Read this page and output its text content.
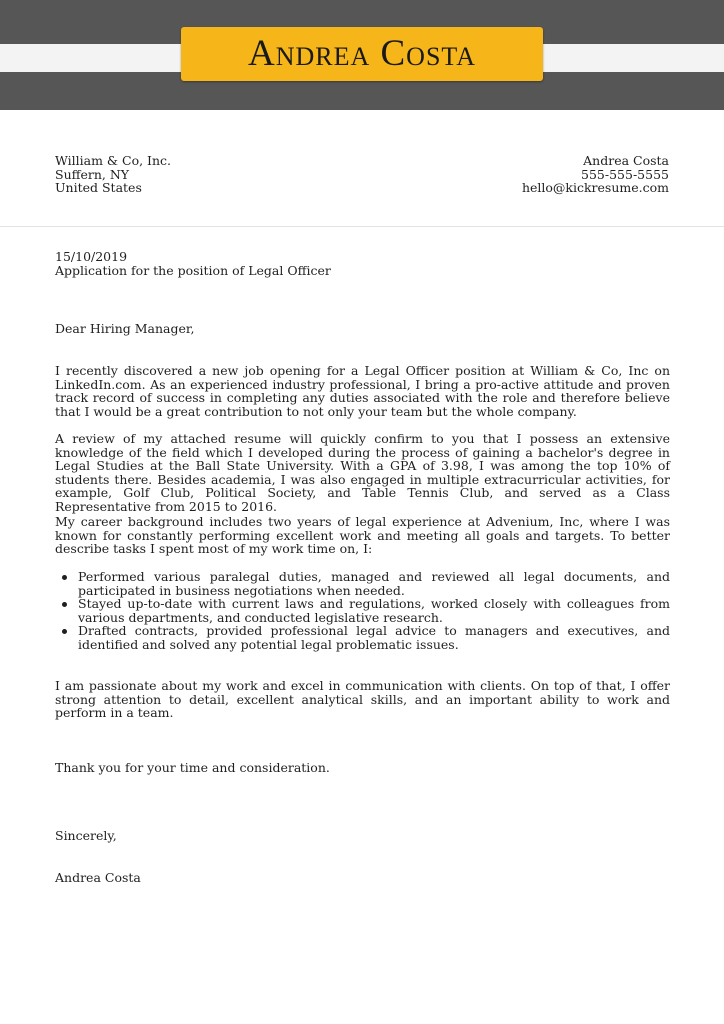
Andrea Costa
William & Co, Inc.
Suffern, NY
United States
Andrea Costa
555-555-5555
hello@kickresume.com
15/10/2019
Application for the position of Legal Officer
Dear Hiring Manager,
I recently discovered a new job opening for a Legal Officer position at William & Co, Inc on LinkedIn.com. As an experienced industry professional, I bring a pro-active attitude and proven track record of success in completing any duties associated with the role and therefore believe that I would be a great contribution to not only your team but the whole company.
A review of my attached resume will quickly confirm to you that I possess an extensive knowledge of the field which I developed during the process of gaining a bachelor's degree in Legal Studies at the Ball State University. With a GPA of 3.98, I was among the top 10% of students there. Besides academia, I was also engaged in multiple extracurricular activities, for example, Golf Club, Political Society, and Table Tennis Club, and served as a Class Representative from 2015 to 2016.
My career background includes two years of legal experience at Advenium, Inc, where I was known for constantly performing excellent work and meeting all goals and targets. To better describe tasks I spent most of my work time on, I:
Performed various paralegal duties, managed and reviewed all legal documents, and participated in business negotiations when needed.
Stayed up-to-date with current laws and regulations, worked closely with colleagues from various departments, and conducted legislative research.
Drafted contracts, provided professional legal advice to managers and executives, and identified and solved any potential legal problematic issues.
I am passionate about my work and excel in communication with clients. On top of that, I offer strong attention to detail, excellent analytical skills, and an important ability to work and perform in a team.
Thank you for your time and consideration.
Sincerely,
Andrea Costa
